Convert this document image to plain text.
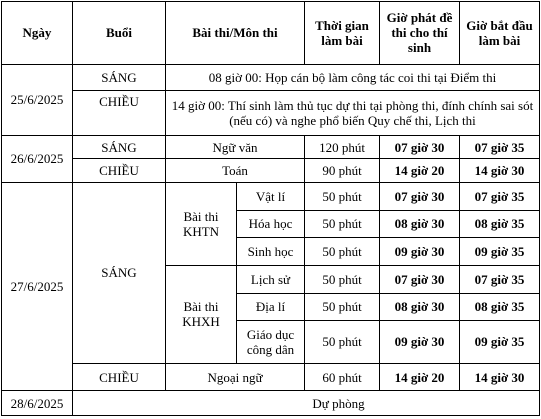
Ngày	Buổi	Bài thi/Môn thi		Thời gian làm bài	Giờ phát đề thi cho thí sinh	Giờ bắt đầu làm bài
25/6/2025	SÁNG	08 giờ 00: Họp cán bộ làm công tác coi thi tại Điểm thi				
	CHIỀU	14 giờ 00: Thí sinh làm thủ tục dự thi tại phòng thi, đính chính sai sót (nếu có) và nghe phổ biến Quy chế thi, Lịch thi				
26/6/2025	SÁNG	Ngữ văn		120 phút	07 giờ 30	07 giờ 35
	CHIỀU	Toán		90 phút	14 giờ 20	14 giờ 30
27/6/2025	SÁNG	Bài thi KHTN	Vật lí	50 phút	07 giờ 30	07 giờ 35
			Hóa học	50 phút	08 giờ 30	08 giờ 35
			Sinh học	50 phút	09 giờ 30	09 giờ 35
		Bài thi KHXH	Lịch sử	50 phút	07 giờ 30	07 giờ 35
			Địa lí	50 phút	08 giờ 30	08 giờ 35
			Giáo dục công dân	50 phút	09 giờ 30	09 giờ 35
	CHIỀU	Ngoại ngữ		60 phút	14 giờ 20	14 giờ 30
28/6/2025	Dự phòng					
